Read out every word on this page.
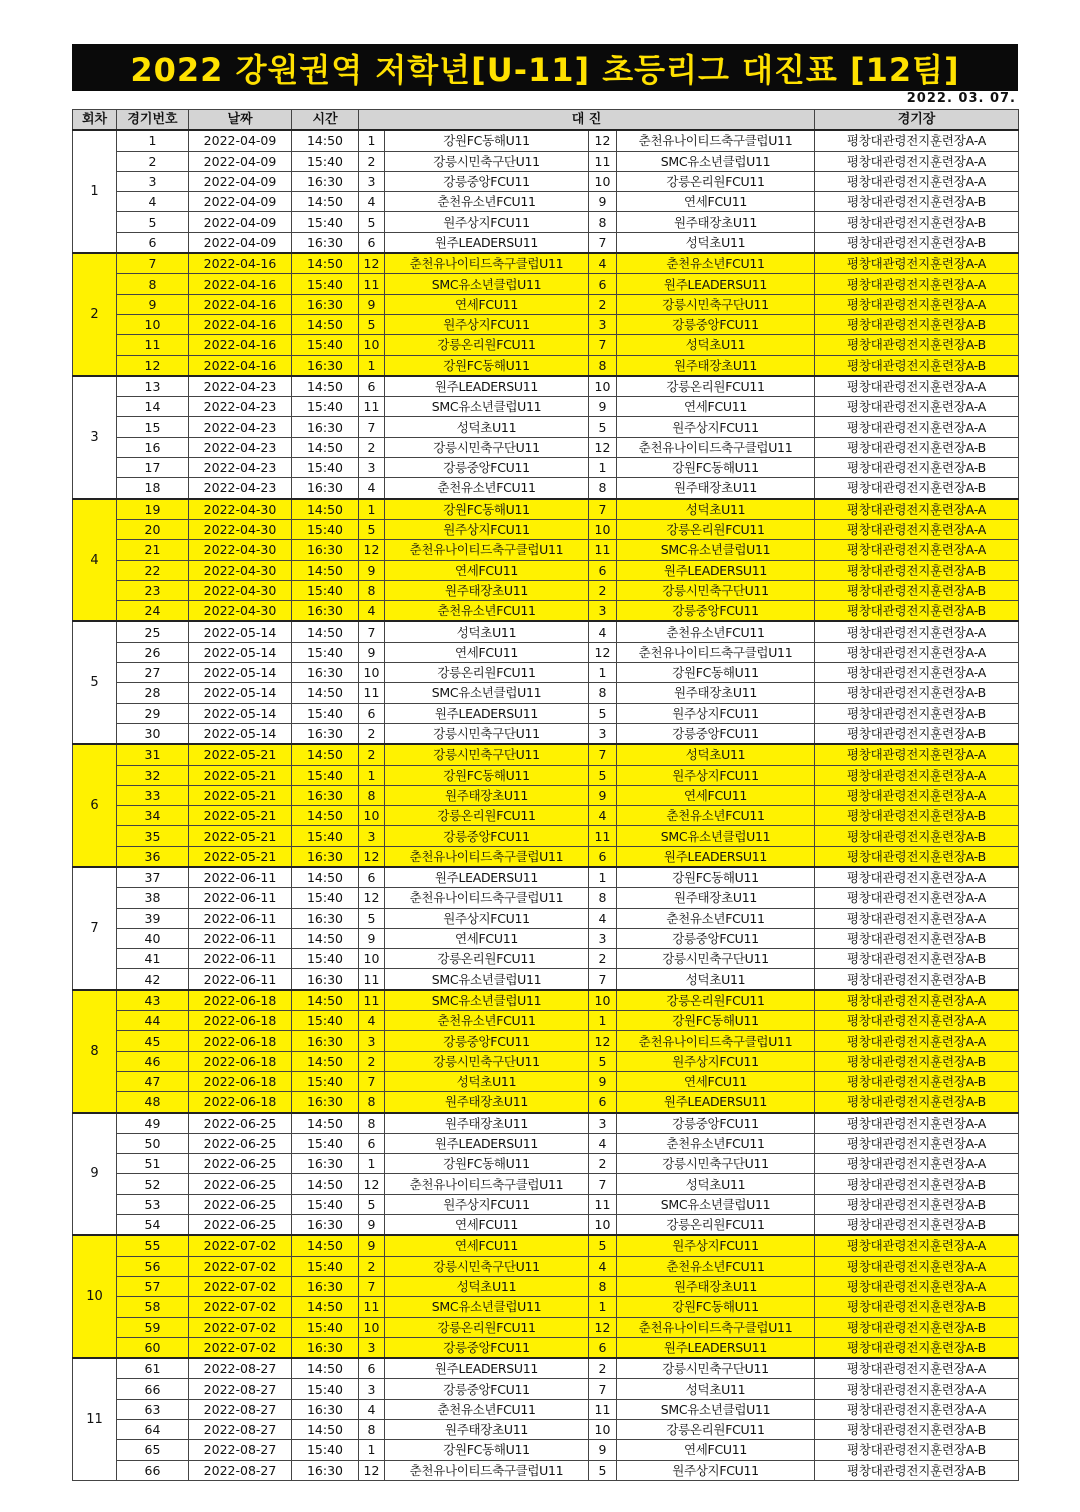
2022 강원권역 저학년[U-11] 초등리그 대진표 [12팀]
2022. 03. 07.
회차	경기번호	날짜	시간	대 진				경기장
1	1	2022-04-09	14:50	1	강원FC동해U11	12	춘천유나이티드축구클럽U11	평창대관령전지훈련장A-A
	2	2022-04-09	15:40	2	강릉시민축구단U11	11	SMC유소년클럽U11	평창대관령전지훈련장A-A
	3	2022-04-09	16:30	3	강릉중앙FCU11	10	강릉온리원FCU11	평창대관령전지훈련장A-A
	4	2022-04-09	14:50	4	춘천유소년FCU11	9	연세FCU11	평창대관령전지훈련장A-B
	5	2022-04-09	15:40	5	원주상지FCU11	8	원주태장초U11	평창대관령전지훈련장A-B
	6	2022-04-09	16:30	6	원주LEADERSU11	7	성덕초U11	평창대관령전지훈련장A-B
2	7	2022-04-16	14:50	12	춘천유나이티드축구클럽U11	4	춘천유소년FCU11	평창대관령전지훈련장A-A
	8	2022-04-16	15:40	11	SMC유소년클럽U11	6	원주LEADERSU11	평창대관령전지훈련장A-A
	9	2022-04-16	16:30	9	연세FCU11	2	강릉시민축구단U11	평창대관령전지훈련장A-A
	10	2022-04-16	14:50	5	원주상지FCU11	3	강릉중앙FCU11	평창대관령전지훈련장A-B
	11	2022-04-16	15:40	10	강릉온리원FCU11	7	성덕초U11	평창대관령전지훈련장A-B
	12	2022-04-16	16:30	1	강원FC동해U11	8	원주태장초U11	평창대관령전지훈련장A-B
3	13	2022-04-23	14:50	6	원주LEADERSU11	10	강릉온리원FCU11	평창대관령전지훈련장A-A
	14	2022-04-23	15:40	11	SMC유소년클럽U11	9	연세FCU11	평창대관령전지훈련장A-A
	15	2022-04-23	16:30	7	성덕초U11	5	원주상지FCU11	평창대관령전지훈련장A-A
	16	2022-04-23	14:50	2	강릉시민축구단U11	12	춘천유나이티드축구클럽U11	평창대관령전지훈련장A-B
	17	2022-04-23	15:40	3	강릉중앙FCU11	1	강원FC동해U11	평창대관령전지훈련장A-B
	18	2022-04-23	16:30	4	춘천유소년FCU11	8	원주태장초U11	평창대관령전지훈련장A-B
4	19	2022-04-30	14:50	1	강원FC동해U11	7	성덕초U11	평창대관령전지훈련장A-A
	20	2022-04-30	15:40	5	원주상지FCU11	10	강릉온리원FCU11	평창대관령전지훈련장A-A
	21	2022-04-30	16:30	12	춘천유나이티드축구클럽U11	11	SMC유소년클럽U11	평창대관령전지훈련장A-A
	22	2022-04-30	14:50	9	연세FCU11	6	원주LEADERSU11	평창대관령전지훈련장A-B
	23	2022-04-30	15:40	8	원주태장초U11	2	강릉시민축구단U11	평창대관령전지훈련장A-B
	24	2022-04-30	16:30	4	춘천유소년FCU11	3	강릉중앙FCU11	평창대관령전지훈련장A-B
5	25	2022-05-14	14:50	7	성덕초U11	4	춘천유소년FCU11	평창대관령전지훈련장A-A
	26	2022-05-14	15:40	9	연세FCU11	12	춘천유나이티드축구클럽U11	평창대관령전지훈련장A-A
	27	2022-05-14	16:30	10	강릉온리원FCU11	1	강원FC동해U11	평창대관령전지훈련장A-A
	28	2022-05-14	14:50	11	SMC유소년클럽U11	8	원주태장초U11	평창대관령전지훈련장A-B
	29	2022-05-14	15:40	6	원주LEADERSU11	5	원주상지FCU11	평창대관령전지훈련장A-B
	30	2022-05-14	16:30	2	강릉시민축구단U11	3	강릉중앙FCU11	평창대관령전지훈련장A-B
6	31	2022-05-21	14:50	2	강릉시민축구단U11	7	성덕초U11	평창대관령전지훈련장A-A
	32	2022-05-21	15:40	1	강원FC동해U11	5	원주상지FCU11	평창대관령전지훈련장A-A
	33	2022-05-21	16:30	8	원주태장초U11	9	연세FCU11	평창대관령전지훈련장A-A
	34	2022-05-21	14:50	10	강릉온리원FCU11	4	춘천유소년FCU11	평창대관령전지훈련장A-B
	35	2022-05-21	15:40	3	강릉중앙FCU11	11	SMC유소년클럽U11	평창대관령전지훈련장A-B
	36	2022-05-21	16:30	12	춘천유나이티드축구클럽U11	6	원주LEADERSU11	평창대관령전지훈련장A-B
7	37	2022-06-11	14:50	6	원주LEADERSU11	1	강원FC동해U11	평창대관령전지훈련장A-A
	38	2022-06-11	15:40	12	춘천유나이티드축구클럽U11	8	원주태장초U11	평창대관령전지훈련장A-A
	39	2022-06-11	16:30	5	원주상지FCU11	4	춘천유소년FCU11	평창대관령전지훈련장A-A
	40	2022-06-11	14:50	9	연세FCU11	3	강릉중앙FCU11	평창대관령전지훈련장A-B
	41	2022-06-11	15:40	10	강릉온리원FCU11	2	강릉시민축구단U11	평창대관령전지훈련장A-B
	42	2022-06-11	16:30	11	SMC유소년클럽U11	7	성덕초U11	평창대관령전지훈련장A-B
8	43	2022-06-18	14:50	11	SMC유소년클럽U11	10	강릉온리원FCU11	평창대관령전지훈련장A-A
	44	2022-06-18	15:40	4	춘천유소년FCU11	1	강원FC동해U11	평창대관령전지훈련장A-A
	45	2022-06-18	16:30	3	강릉중앙FCU11	12	춘천유나이티드축구클럽U11	평창대관령전지훈련장A-A
	46	2022-06-18	14:50	2	강릉시민축구단U11	5	원주상지FCU11	평창대관령전지훈련장A-B
	47	2022-06-18	15:40	7	성덕초U11	9	연세FCU11	평창대관령전지훈련장A-B
	48	2022-06-18	16:30	8	원주태장초U11	6	원주LEADERSU11	평창대관령전지훈련장A-B
9	49	2022-06-25	14:50	8	원주태장초U11	3	강릉중앙FCU11	평창대관령전지훈련장A-A
	50	2022-06-25	15:40	6	원주LEADERSU11	4	춘천유소년FCU11	평창대관령전지훈련장A-A
	51	2022-06-25	16:30	1	강원FC동해U11	2	강릉시민축구단U11	평창대관령전지훈련장A-A
	52	2022-06-25	14:50	12	춘천유나이티드축구클럽U11	7	성덕초U11	평창대관령전지훈련장A-B
	53	2022-06-25	15:40	5	원주상지FCU11	11	SMC유소년클럽U11	평창대관령전지훈련장A-B
	54	2022-06-25	16:30	9	연세FCU11	10	강릉온리원FCU11	평창대관령전지훈련장A-B
10	55	2022-07-02	14:50	9	연세FCU11	5	원주상지FCU11	평창대관령전지훈련장A-A
	56	2022-07-02	15:40	2	강릉시민축구단U11	4	춘천유소년FCU11	평창대관령전지훈련장A-A
	57	2022-07-02	16:30	7	성덕초U11	8	원주태장초U11	평창대관령전지훈련장A-A
	58	2022-07-02	14:50	11	SMC유소년클럽U11	1	강원FC동해U11	평창대관령전지훈련장A-B
	59	2022-07-02	15:40	10	강릉온리원FCU11	12	춘천유나이티드축구클럽U11	평창대관령전지훈련장A-B
	60	2022-07-02	16:30	3	강릉중앙FCU11	6	원주LEADERSU11	평창대관령전지훈련장A-B
11	61	2022-08-27	14:50	6	원주LEADERSU11	2	강릉시민축구단U11	평창대관령전지훈련장A-A
	66	2022-08-27	15:40	3	강릉중앙FCU11	7	성덕초U11	평창대관령전지훈련장A-A
	63	2022-08-27	16:30	4	춘천유소년FCU11	11	SMC유소년클럽U11	평창대관령전지훈련장A-A
	64	2022-08-27	14:50	8	원주태장초U11	10	강릉온리원FCU11	평창대관령전지훈련장A-B
	65	2022-08-27	15:40	1	강원FC동해U11	9	연세FCU11	평창대관령전지훈련장A-B
	66	2022-08-27	16:30	12	춘천유나이티드축구클럽U11	5	원주상지FCU11	평창대관령전지훈련장A-B
